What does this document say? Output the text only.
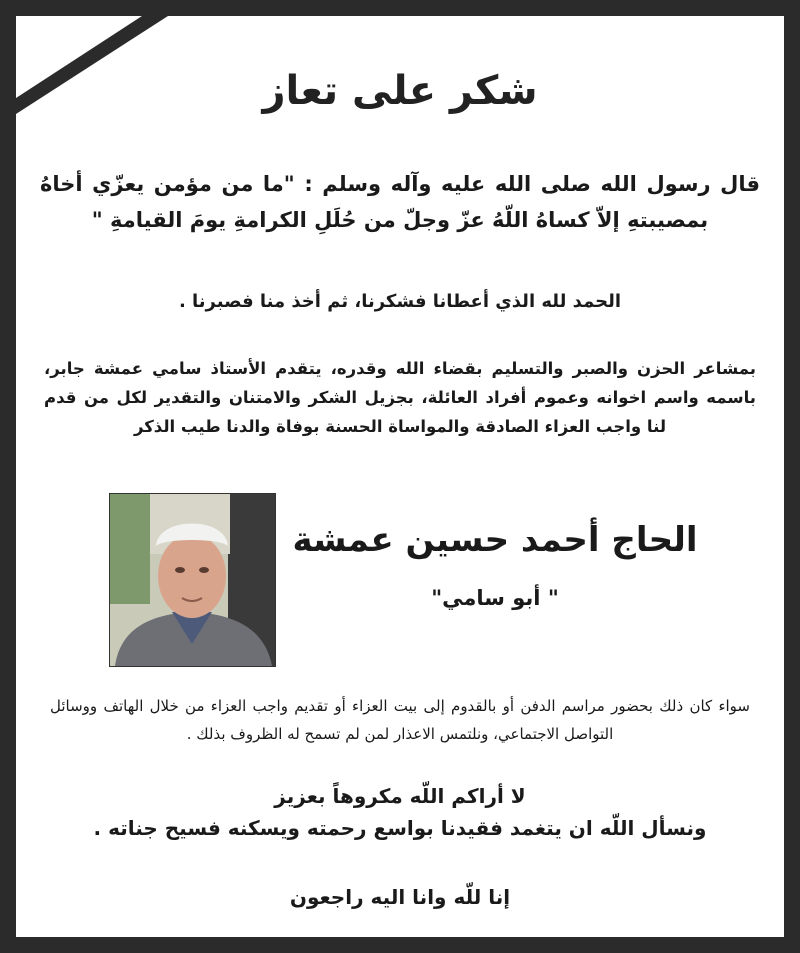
شكر على تعاز
قال رسول الله صلى الله عليه وآله وسلم : "ما من مؤمن يعزّي أخاهُ بمصيبتهِ إلاّ كساهُ اللّهُ عزّ وجلّ من حُلَلِ الكرامةِ يومَ القيامةِ "
الحمد لله الذي أعطانا فشكرنا، ثم أخذ منا فصبرنا .
بمشاعر الحزن والصبر والتسليم بقضاء الله وقدره، يتقدم الأستاذ سامي عمشة جابر، باسمه واسم اخوانه وعموم أفراد العائلة، بجزيل الشكر والامتنان والتقدير لكل من قدم لنا واجب العزاء الصادقة والمواساة الحسنة بوفاة والدنا طيب الذكر
الحاج أحمد حسين عمشة
" أبو سامي"
سواء كان ذلك بحضور مراسم الدفن أو بالقدوم إلى بيت العزاء أو تقديم واجب العزاء من خلال الهاتف ووسائل التواصل الاجتماعي، ونلتمس الاعذار لمن لم تسمح له الظروف بذلك .
لا أراكم اللّه مكروهاً بعزيز
ونسأل اللّه ان يتغمد فقيدنا بواسع رحمته ويسكنه فسيح جناته .
إنا للّه وانا اليه راجعون
